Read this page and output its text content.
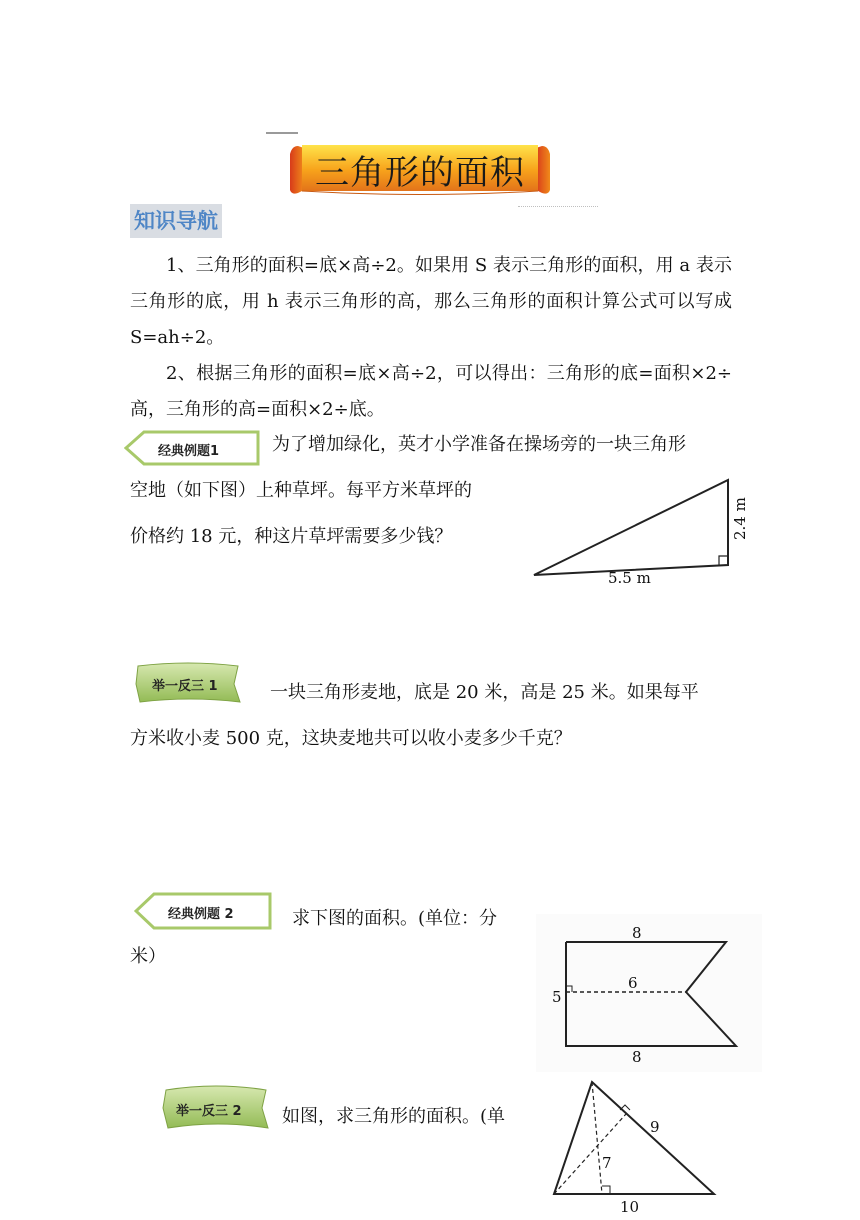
三角形的面积
知识导航
1、三角形的面积=底×高÷2。如果用 S 表示三角形的面积，用 a 表示三角形的底，用 h 表示三角形的高，那么三角形的面积计算公式可以写成 S=ah÷2。
2、根据三角形的面积=底×高÷2，可以得出：三角形的底=面积×2÷高，三角形的高=面积×2÷底。
经典例题1	为了增加绿化，英才小学准备在操场旁的一块三角形
空地（如下图）上种草坪。每平方米草坪的
价格约 18 元，种这片草坪需要多少钱？
5.5 m
2.4 m
举一反三 1	一块三角形麦地，底是 20 米，高是 25 米。如果每平
方米收小麦 500 克，这块麦地共可以收小麦多少千克？
经典例题 2	求下图的面积。(单位：分
米）
8
8
5
6
举一反三 2 如图，求三角形的面积。(单	9
7
10
